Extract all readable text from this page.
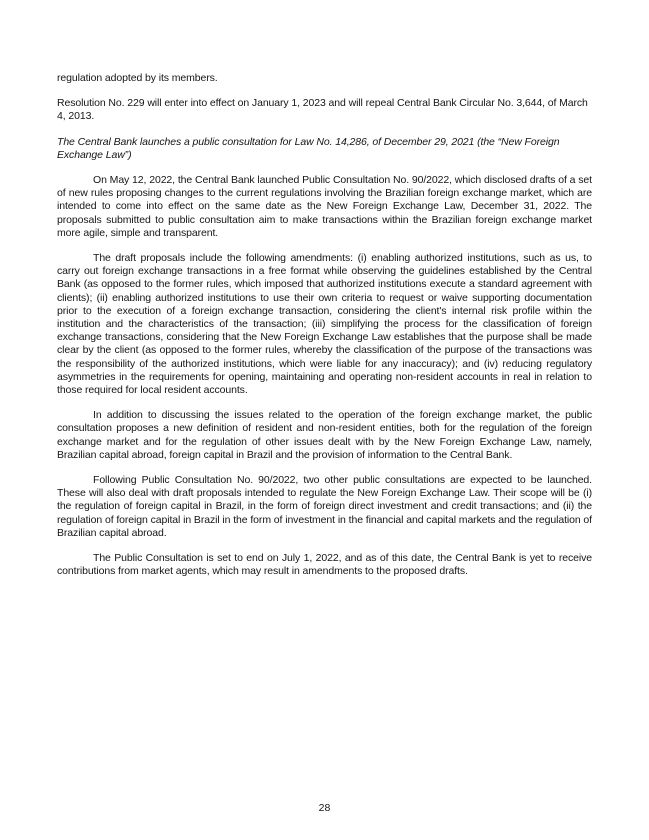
regulation adopted by its members.

Resolution No. 229 will enter into effect on January 1, 2023 and will repeal Central Bank Circular No. 3,644, of March 4, 2013.

The Central Bank launches a public consultation for Law No. 14,286, of December 29, 2021 (the “New Foreign Exchange Law”)

On May 12, 2022, the Central Bank launched Public Consultation No. 90/2022, which disclosed drafts of a set of new rules proposing changes to the current regulations involving the Brazilian foreign exchange market, which are intended to come into effect on the same date as the New Foreign Exchange Law, December 31, 2022. The proposals submitted to public consultation aim to make transactions within the Brazilian foreign exchange market more agile, simple and transparent.

The draft proposals include the following amendments: (i) enabling authorized institutions, such as us, to carry out foreign exchange transactions in a free format while observing the guidelines established by the Central Bank (as opposed to the former rules, which imposed that authorized institutions execute a standard agreement with clients); (ii) enabling authorized institutions to use their own criteria to request or waive supporting documentation prior to the execution of a foreign exchange transaction, considering the client's internal risk profile within the institution and the characteristics of the transaction; (iii) simplifying the process for the classification of foreign exchange transactions, considering that the New Foreign Exchange Law establishes that the purpose shall be made clear by the client (as opposed to the former rules, whereby the classification of the purpose of the transactions was the responsibility of the authorized institutions, which were liable for any inaccuracy); and (iv) reducing regulatory asymmetries in the requirements for opening, maintaining and operating non-resident accounts in real in relation to those required for local resident accounts.

In addition to discussing the issues related to the operation of the foreign exchange market, the public consultation proposes a new definition of resident and non-resident entities, both for the regulation of the foreign exchange market and for the regulation of other issues dealt with by the New Foreign Exchange Law, namely, Brazilian capital abroad, foreign capital in Brazil and the provision of information to the Central Bank.

Following Public Consultation No. 90/2022, two other public consultations are expected to be launched. These will also deal with draft proposals intended to regulate the New Foreign Exchange Law. Their scope will be (i) the regulation of foreign capital in Brazil, in the form of foreign direct investment and credit transactions; and (ii) the regulation of foreign capital in Brazil in the form of investment in the financial and capital markets and the regulation of Brazilian capital abroad.

The Public Consultation is set to end on July 1, 2022, and as of this date, the Central Bank is yet to receive contributions from market agents, which may result in amendments to the proposed drafts.

28
